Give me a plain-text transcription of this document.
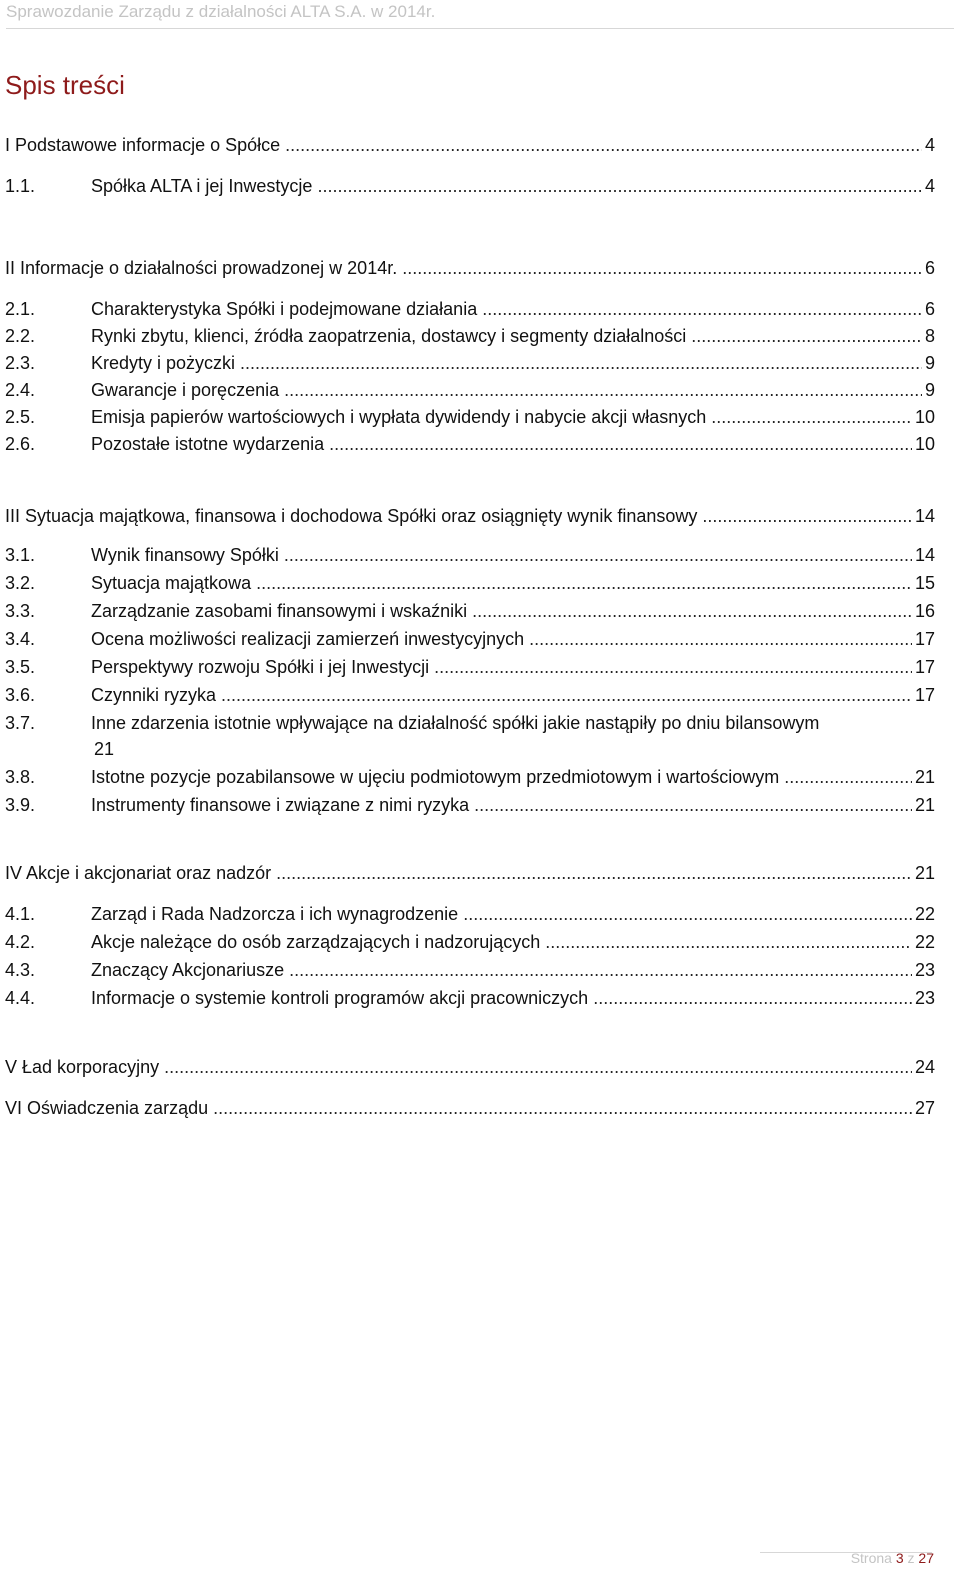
Sprawozdanie Zarządu z działalności ALTA S.A. w 2014r.
Spis treści
I Podstawowe informacje o Spółce .....	4
1.1.	Spółka ALTA i jej Inwestycje .....	4
II Informacje o działalności prowadzonej w 2014r. .....	6
2.1.	Charakterystyka Spółki i podejmowane działania .....	6
2.2.	Rynki zbytu, klienci, źródła zaopatrzenia, dostawcy i segmenty działalności .....	8
2.3.	Kredyty i pożyczki .....	9
2.4.	Gwarancje i poręczenia .....	9
2.5.	Emisja papierów wartościowych i wypłata dywidendy i nabycie akcji własnych .....	10
2.6.	Pozostałe istotne wydarzenia .....	10
III Sytuacja majątkowa, finansowa i dochodowa Spółki oraz osiągnięty wynik finansowy .....	14
3.1.	Wynik finansowy Spółki .....	14
3.2.	Sytuacja majątkowa .....	15
3.3.	Zarządzanie zasobami finansowymi i wskaźniki .....	16
3.4.	Ocena możliwości realizacji zamierzeń inwestycyjnych .....	17
3.5.	Perspektywy rozwoju Spółki i jej Inwestycji .....	17
3.6.	Czynniki ryzyka .....	17
3.7.	Inne zdarzenia istotnie wpływające na działalność spółki jakie nastąpiły po dniu bilansowym
21
3.8.	Istotne pozycje pozabilansowe w ujęciu podmiotowym przedmiotowym i wartościowym .....	21
3.9.	Instrumenty finansowe i związane z nimi ryzyka .....	21
IV Akcje i akcjonariat oraz nadzór .....	21
4.1.	Zarząd i Rada Nadzorcza i ich wynagrodzenie .....	22
4.2.	Akcje należące do osób zarządzających i nadzorujących .....	22
4.3.	Znaczący Akcjonariusze .....	23
4.4.	Informacje o systemie kontroli programów akcji pracowniczych .....	23
V Ład korporacyjny .....	24
VI Oświadczenia zarządu .....	27
Strona 3 z 27
